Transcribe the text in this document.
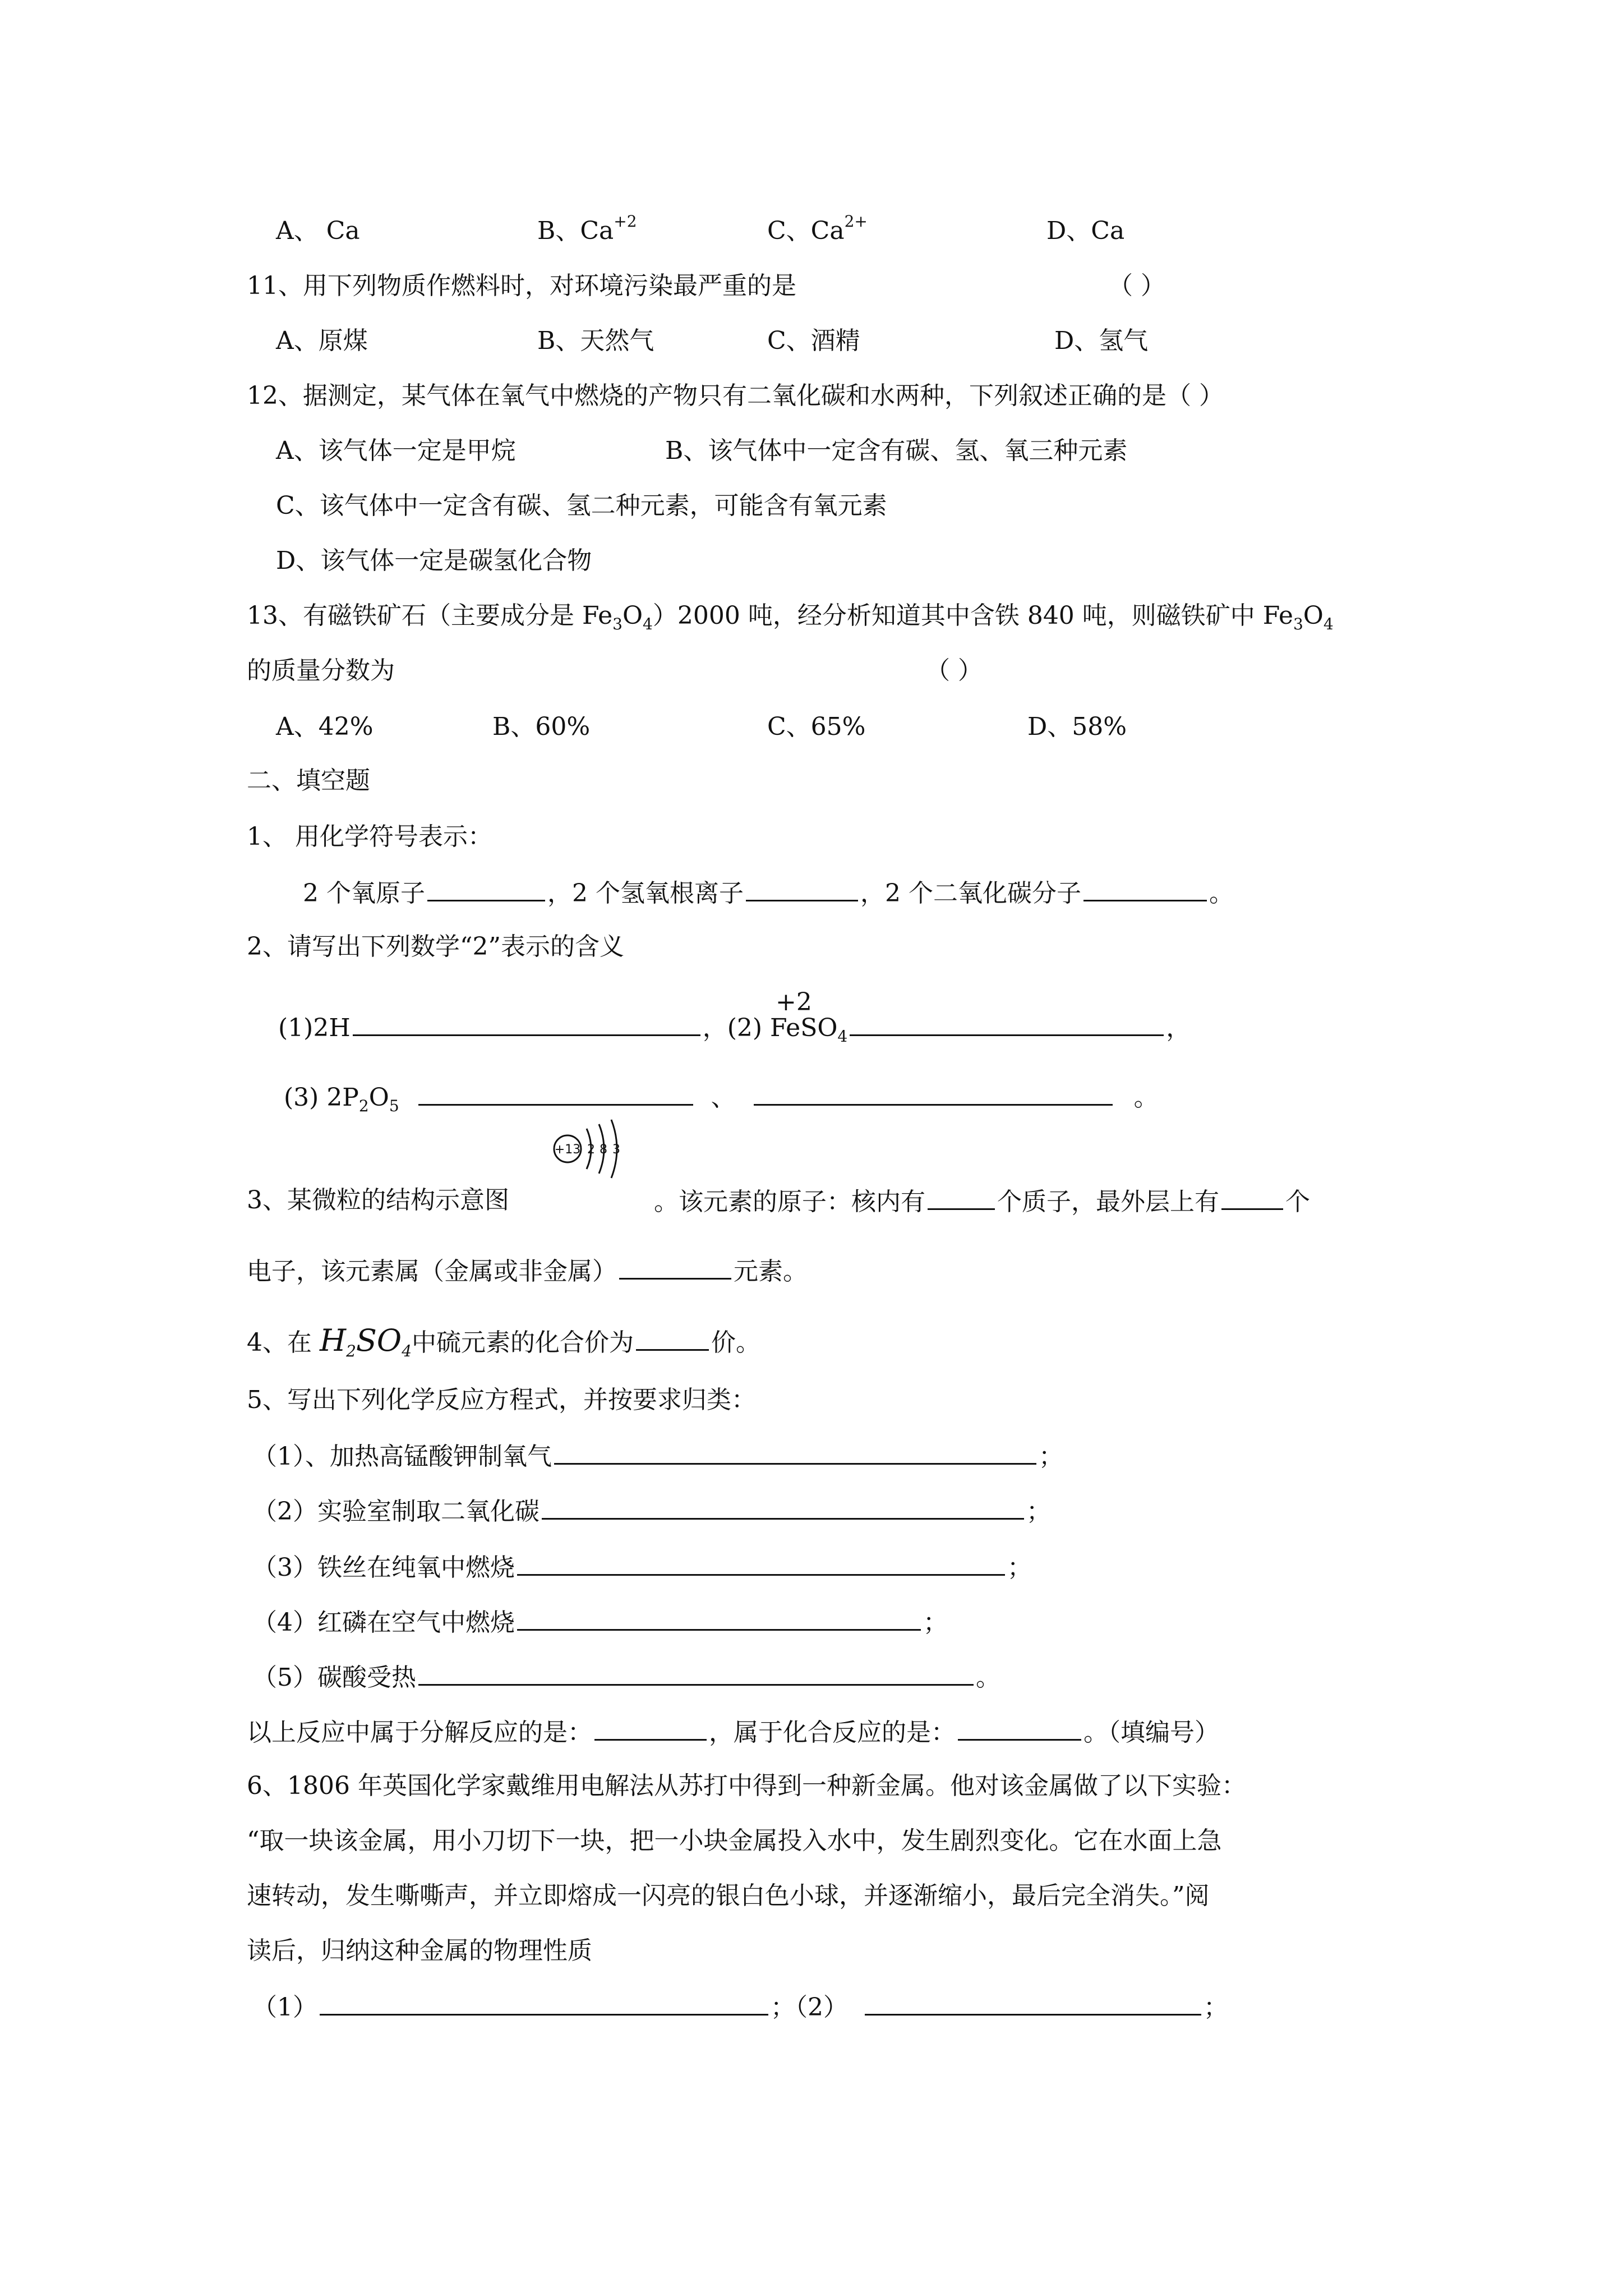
A、 Ca	B、$Ca^{+2}$	C、$Ca^{2+}$	D、Ca
11、用下列物质作燃料时，对环境污染最严重的是	（ ）
A、原煤	B、天然气	C、酒精	D、氢气
12、据测定，某气体在氧气中燃烧的产物只有二氧化碳和水两种，下列叙述正确的是（ ）
A、该气体一定是甲烷	B、该气体中一定含有碳、氢、氧三种元素
C、该气体中一定含有碳、氢二种元素，可能含有氧元素
D、该气体一定是碳氢化合物
13、有磁铁矿石（主要成分是 $Fe_3O_4)2000$ 吨，经分析知道其中含铁 840 吨，则磁铁矿中 $Fe_3O_4$
的质量分数为	（ ）
A、42%	B、60%	C、65%	D、58%
二、填空题
1、 用化学符号表示：
2 个氧原子	，2 个氢氧根离子	，2 个二氧化碳分子	。
2、请写出下列数学“2”表示的含义
(1)2H	，(2)
+2
FeSO$_4$	，
(3) $2P_2O_5$	、	。
3、某微粒的结构示意图
+13 2 8 3
。该元素的原子：核内有	个质子，最外层上有	个
电子，该元素属（金属或非金属）	元素。
4、在 $H_2SO_4$中硫元素的化合价为	价。
5、写出下列化学反应方程式，并按要求归类：
（1）、加热高锰酸钾制氧气	；
（2）实验室制取二氧化碳	；
（3）铁丝在纯氧中燃烧	；
（4）红磷在空气中燃烧	；
（5）碳酸受热	。
以上反应中属于分解反应的是：	，属于化合反应的是：	。（填编号）
6、1806 年英国化学家戴维用电解法从苏打中得到一种新金属。他对该金属做了以下实验：
“取一块该金属，用小刀切下一块，把一小块金属投入水中，发生剧烈变化。它在水面上急
速转动，发生嘶嘶声，并立即熔成一闪亮的银白色小球，并逐渐缩小，最后完全消失。”阅
读后，归纳这种金属的物理性质
（1）	；（2）	；
